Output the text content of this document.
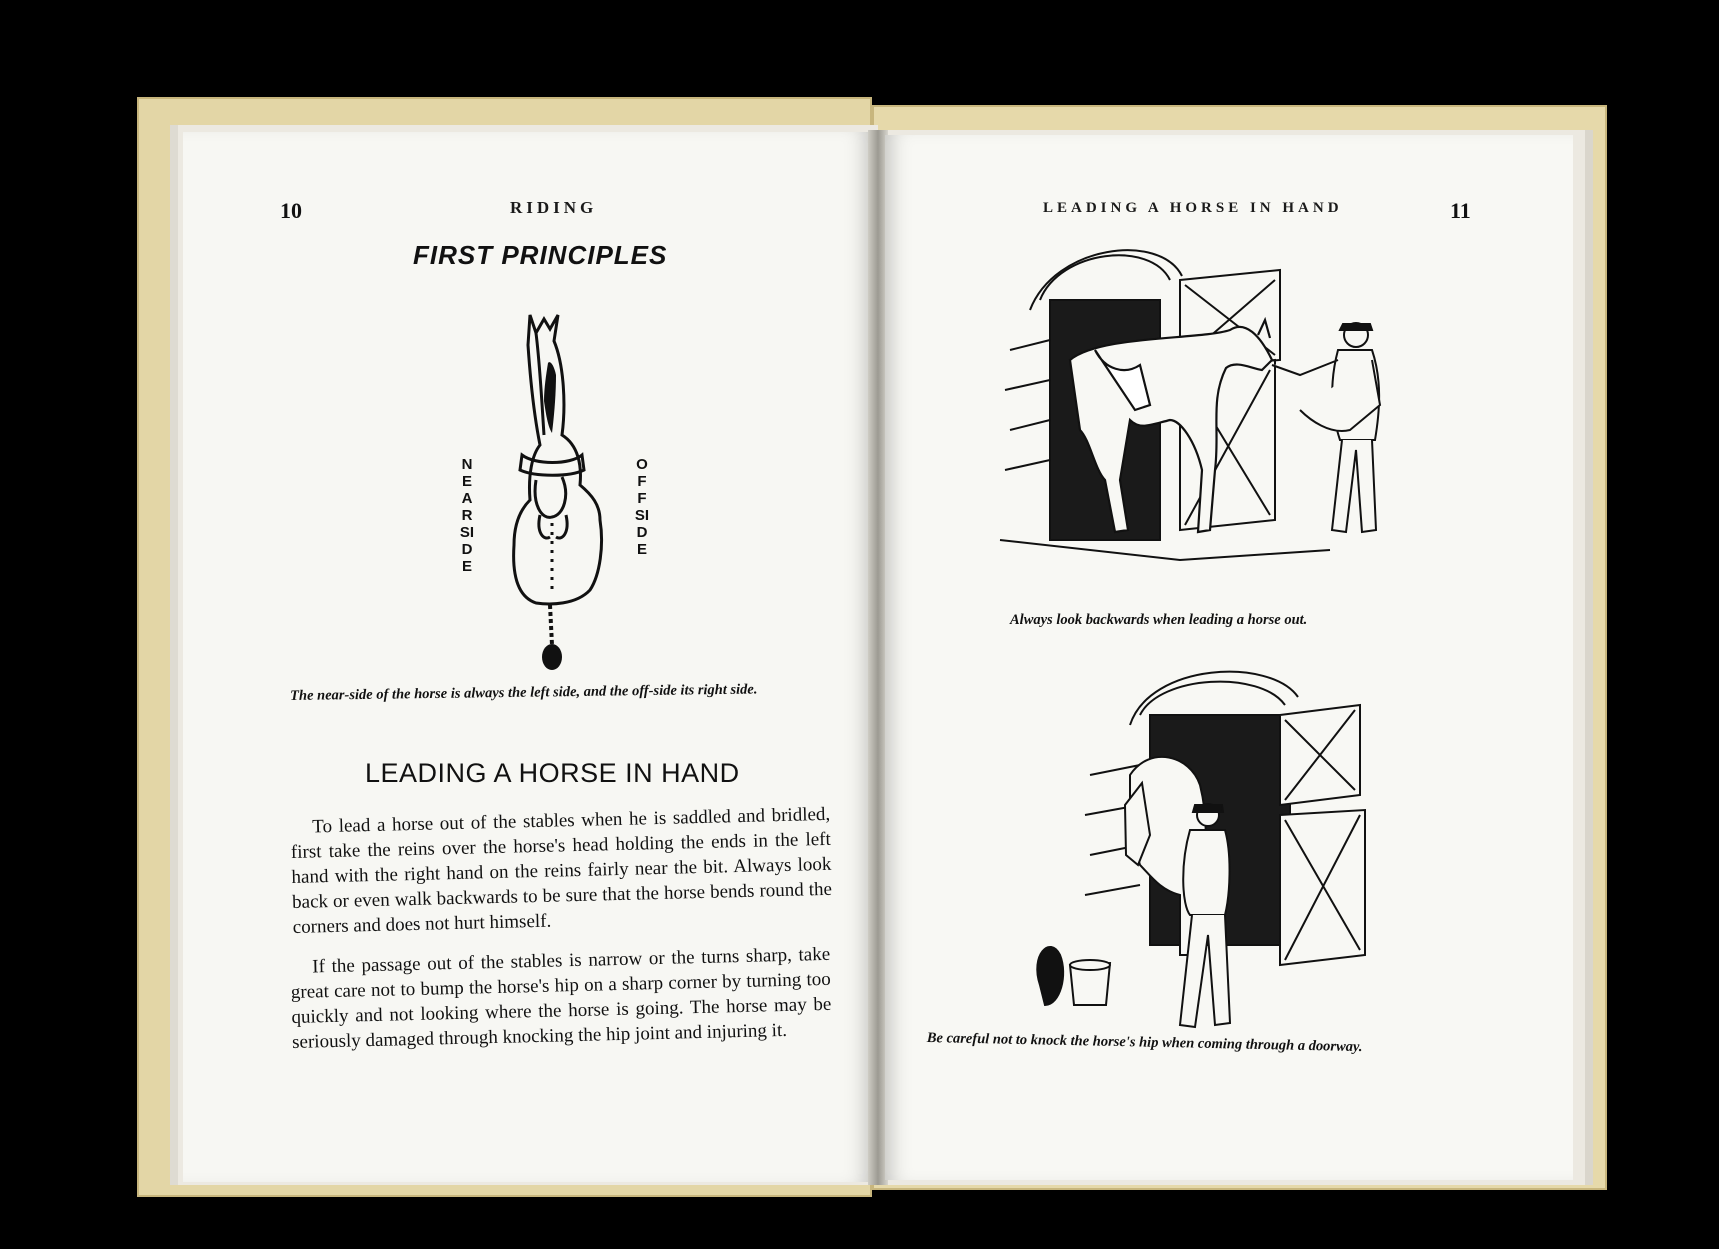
10	RIDING
FIRST PRINCIPLES
NEAR SIDE
OFF SIDE
The near-side of the horse is always the left side, and the off-side its right side.
LEADING A HORSE IN HAND
To lead a horse out of the stables when he is saddled and bridled, first take the reins over the horse's head holding the ends in the left hand with the right hand on the reins fairly near the bit. Always look back or even walk backwards to be sure that the horse bends round the corners and does not hurt himself.
If the passage out of the stables is narrow or the turns sharp, take great care not to bump the horse's hip on a sharp corner by turning too quickly and not looking where the horse is going. The horse may be seriously damaged through knocking the hip joint and injuring it.
LEADING A HORSE IN HAND	11
Always look backwards when leading a horse out.
Be careful not to knock the horse's hip when coming through a doorway.
